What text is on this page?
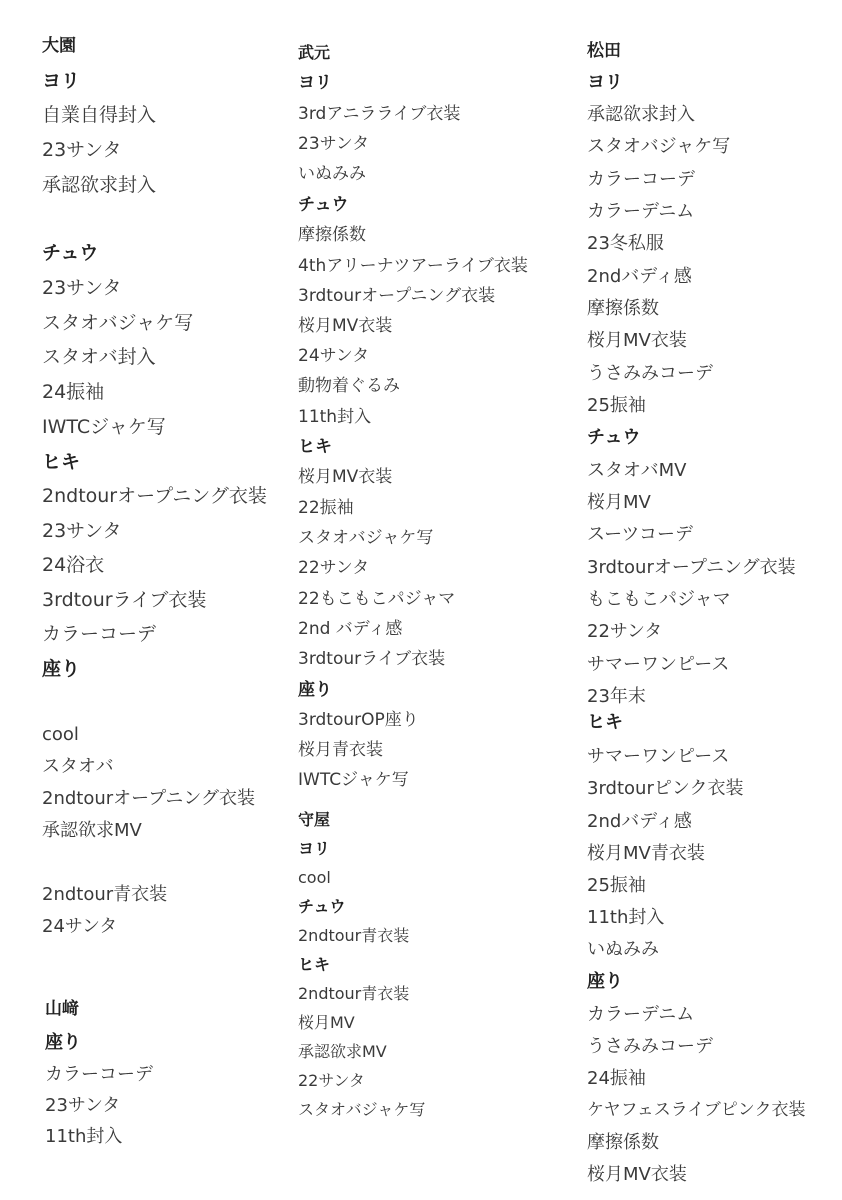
大園
ヨリ
自業自得封入
23サンタ
承認欲求封入
チュウ
23サンタ
スタオバジャケ写
スタオバ封入
24振袖
IWTCジャケ写
ヒキ
2ndtourオープニング衣装
23サンタ
24浴衣
3rdtourライブ衣装
カラーコーデ
座り
cool
スタオバ
2ndtourオープニング衣装
承認欲求MV
2ndtour青衣装
24サンタ
山﨑
座り
カラーコーデ
23サンタ
11th封入
武元
ヨリ
3rdアニラライブ衣装
23サンタ
いぬみみ
チュウ
摩擦係数
4thアリーナツアーライブ衣装
3rdtourオープニング衣装
桜月MV衣装
24サンタ
動物着ぐるみ
11th封入
ヒキ
桜月MV衣装
22振袖
スタオバジャケ写
22サンタ
22もこもこパジャマ
2nd バディ感
3rdtourライブ衣装
座り
3rdtourOP座り
桜月青衣装
IWTCジャケ写
守屋
ヨリ
cool
チュウ
2ndtour青衣装
ヒキ
2ndtour青衣装
桜月MV
承認欲求MV
22サンタ
スタオバジャケ写
松田
ヨリ
承認欲求封入
スタオバジャケ写
カラーコーデ
カラーデニム
23冬私服
2ndバディ感
摩擦係数
桜月MV衣装
うさみみコーデ
25振袖
チュウ
スタオバMV
桜月MV
スーツコーデ
3rdtourオープニング衣装
もこもこパジャマ
22サンタ
サマーワンピース
23年末
ヒキ
サマーワンピース
3rdtourピンク衣装
2ndバディ感
桜月MV青衣装
25振袖
11th封入
いぬみみ
座り
カラーデニム
うさみみコーデ
24振袖
ケヤフェスライブピンク衣装
摩擦係数
桜月MV衣装
